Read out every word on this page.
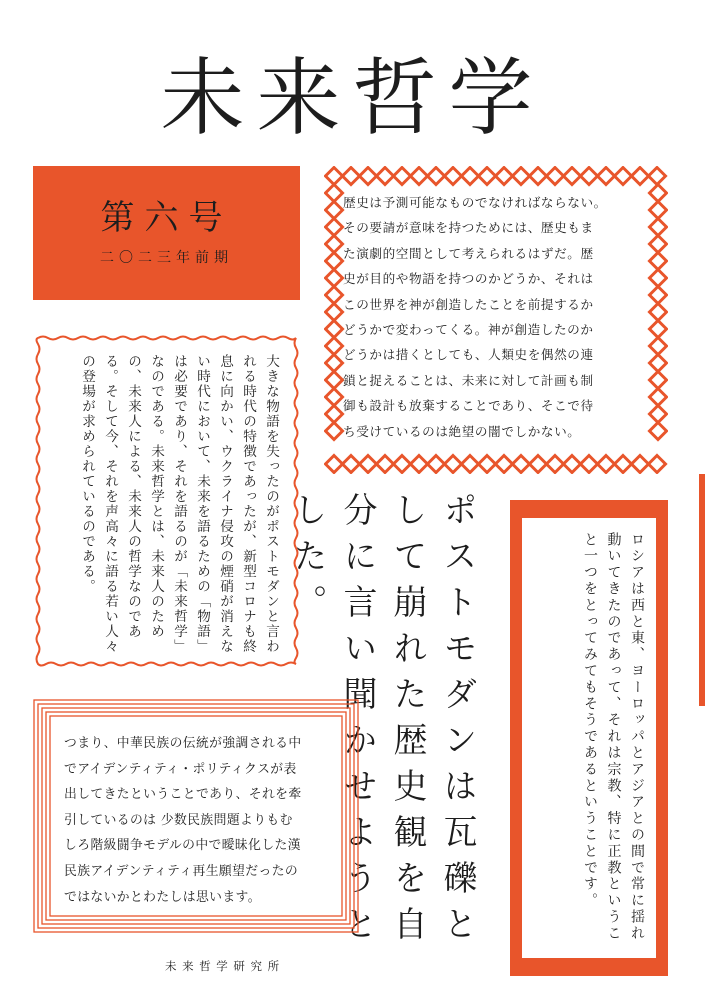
未来哲学
第六号
二〇二三年前期

歴史は予測可能なものでなければならない。

その要請が意味を持つためには、歴史もま

た演劇的空間として考えられるはずだ。歴

史が目的や物語を持つのかどうか、それは

この世界を神が創造したことを前提するか

どうかで変わってくる。神が創造したのか

どうかは措くとしても、人類史を偶然の連

鎖と捉えることは、未来に対して計画も制

御も設計も放棄することであり、そこで待

ち受けているのは絶望の闇でしかない。

大きな物語を失ったのがポストモダンと言われる時代の特徴であったが、新型コロナも終息に向かい、ウクライナ侵攻の煙硝が消えない時代において、未来を語るための「物語」は必要であり、それを語るのが「未来哲学」なのである。未来哲学とは、未来人のための、未来人による、未来人の哲学なのである。そして今、それを声高々に語る若い人々の登場が求められているのである。
ポストモダンは瓦礫として崩れた歴史観を自分に言い聞かせようとした。	ロシアは西と東、ヨーロッパとアジアとの間で常に揺れ動いてきたのであって、それは宗教、特に正教ということ一つをとってみてもそうであるということです。

つまり、中華民族の伝統が強調される中

でアイデンティティ・ポリティクスが表

出してきたということであり、それを牽

引しているのは 少数民族問題よりもむ

しろ階級闘争モデルの中で曖昧化した漢

民族アイデンティティ再生願望だったの

ではないかとわたしは思います。

未来哲学研究所
